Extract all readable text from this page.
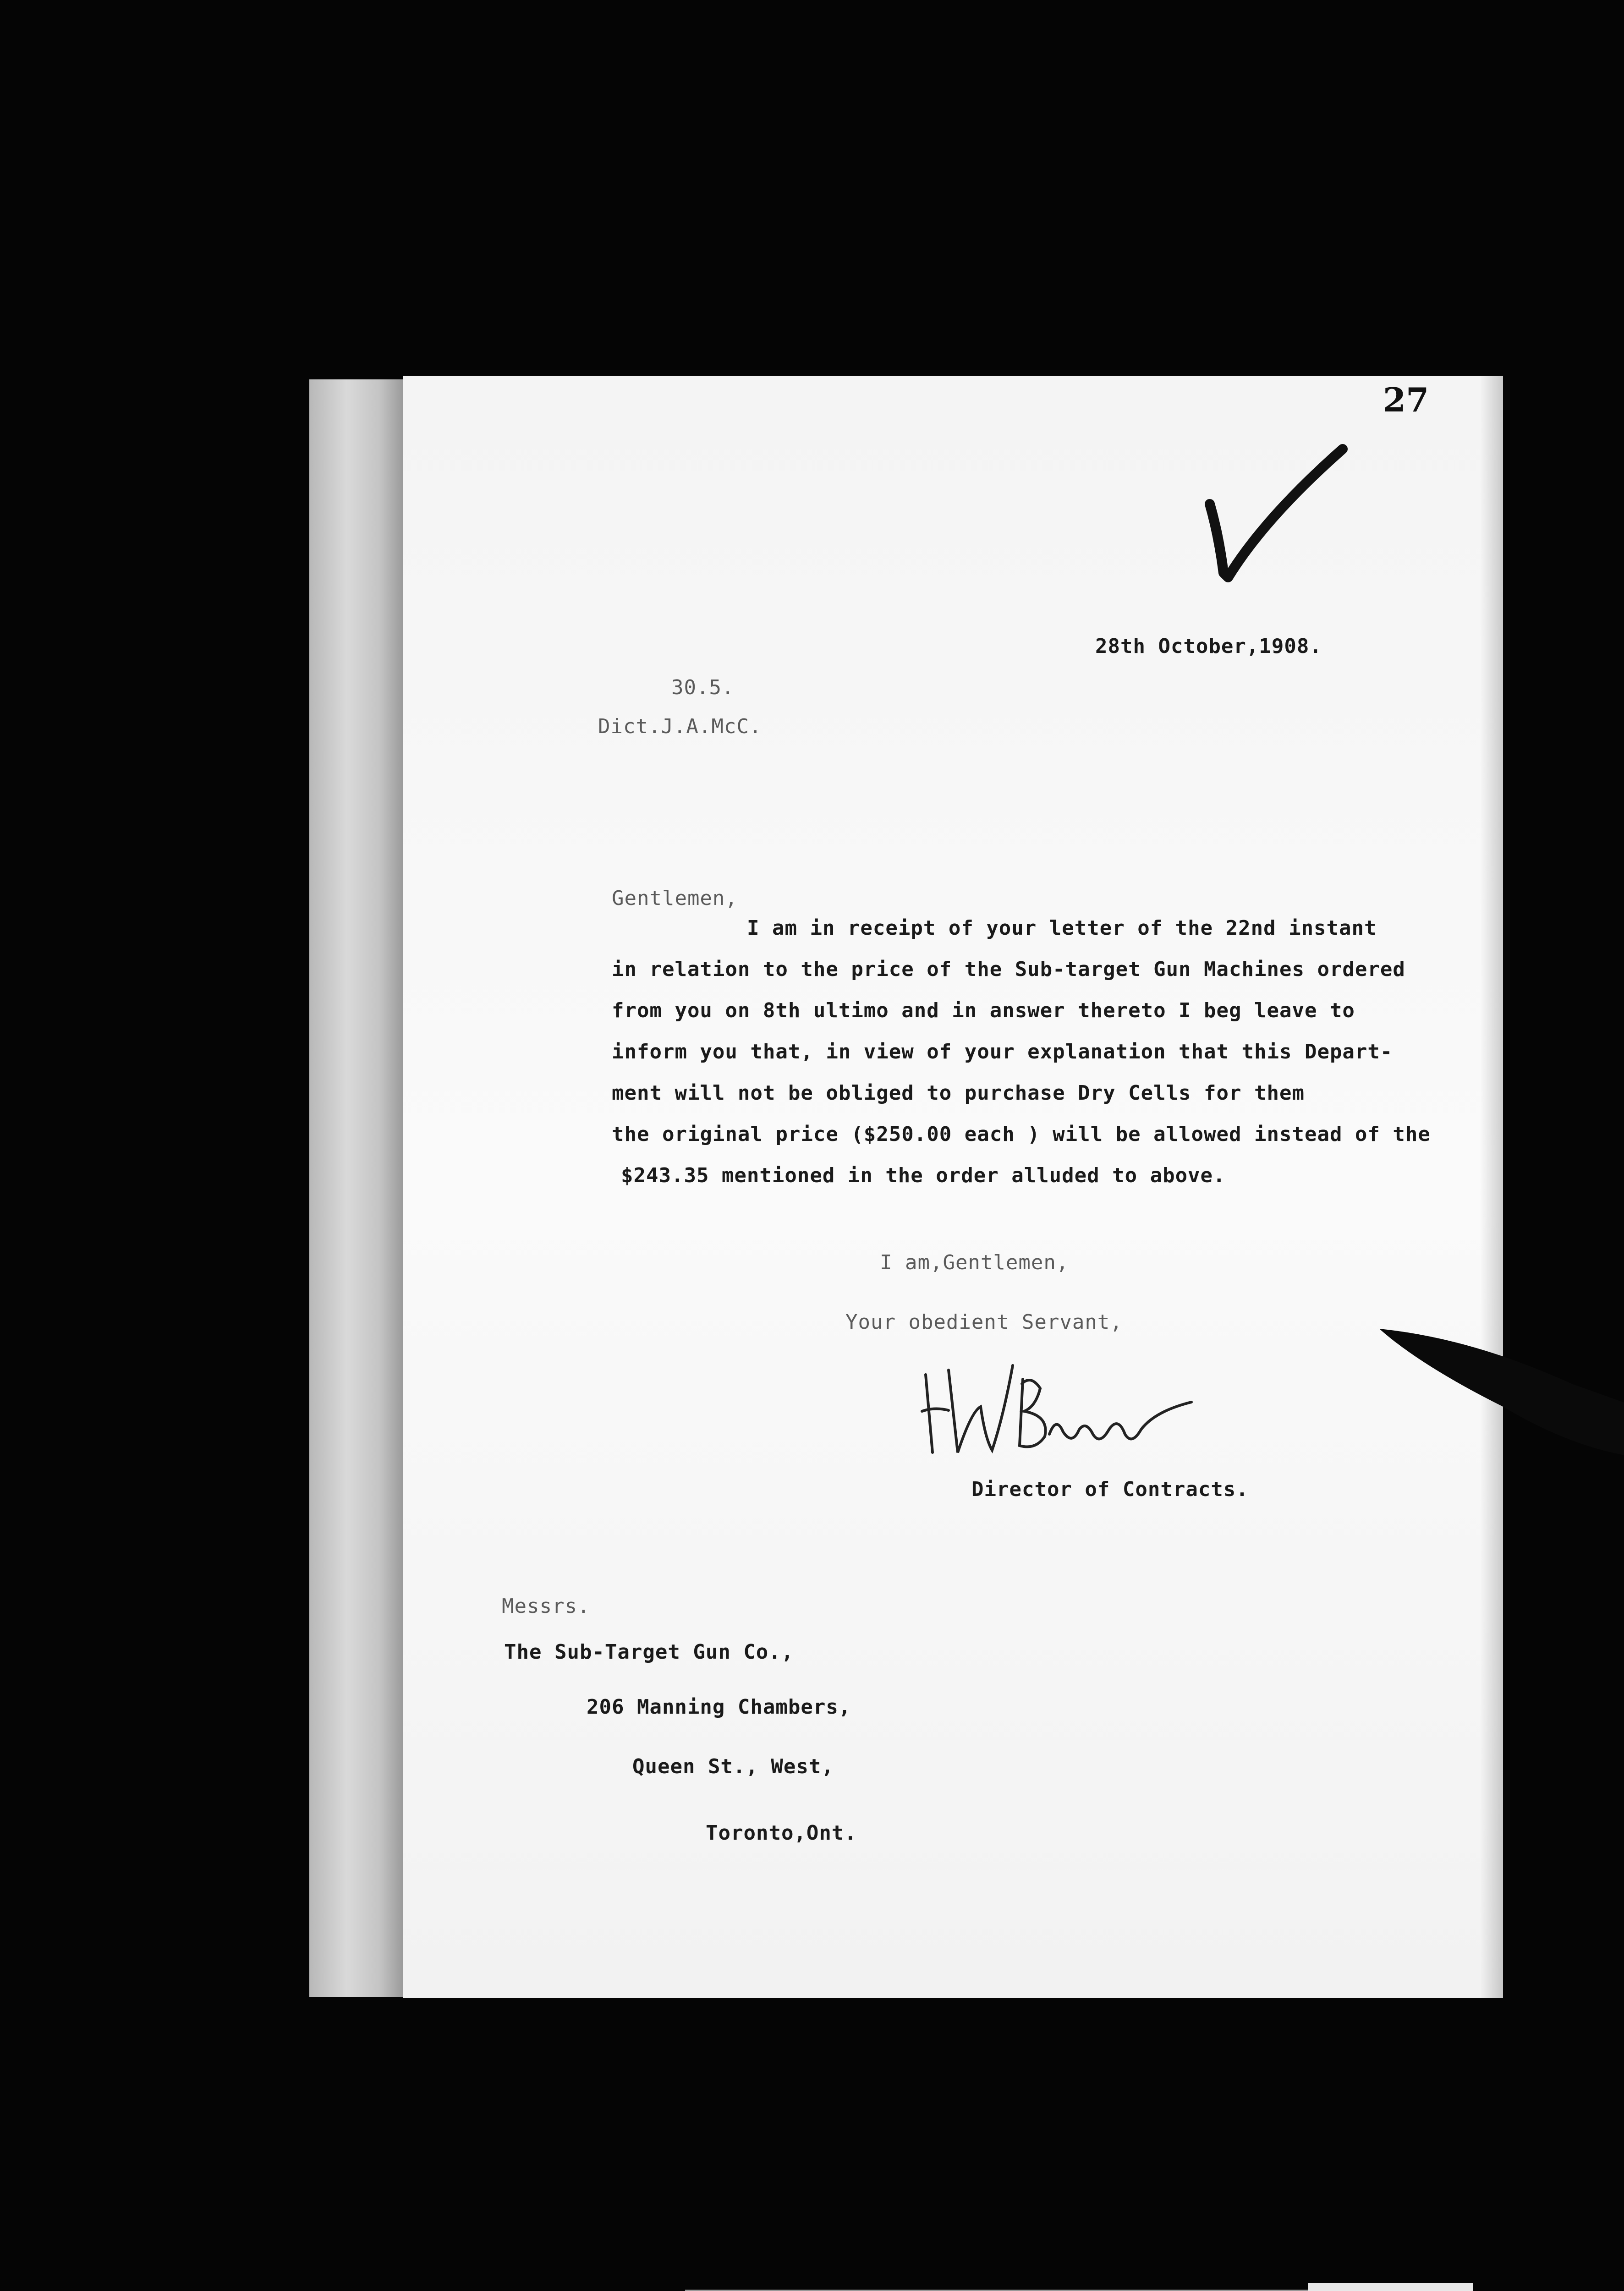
27
28th October,1908.
30.5.
Dict.J.A.McC.
Gentlemen,
I am in receipt of your letter of the 22nd instant
in relation to the price of the Sub-target Gun Machines ordered
from you on 8th ultimo and in answer thereto I beg leave to
inform you that, in view of your explanation that this Depart-
ment will not be obliged to purchase Dry Cells for them
the original price ($250.00 each ) will be allowed instead of the
$243.35 mentioned in the order alluded to above.
I am,Gentlemen,
Your obedient Servant,
Director of Contracts.
Messrs.
The Sub-Target Gun Co.,
206 Manning Chambers,
Queen St., West,
Toronto,Ont.
